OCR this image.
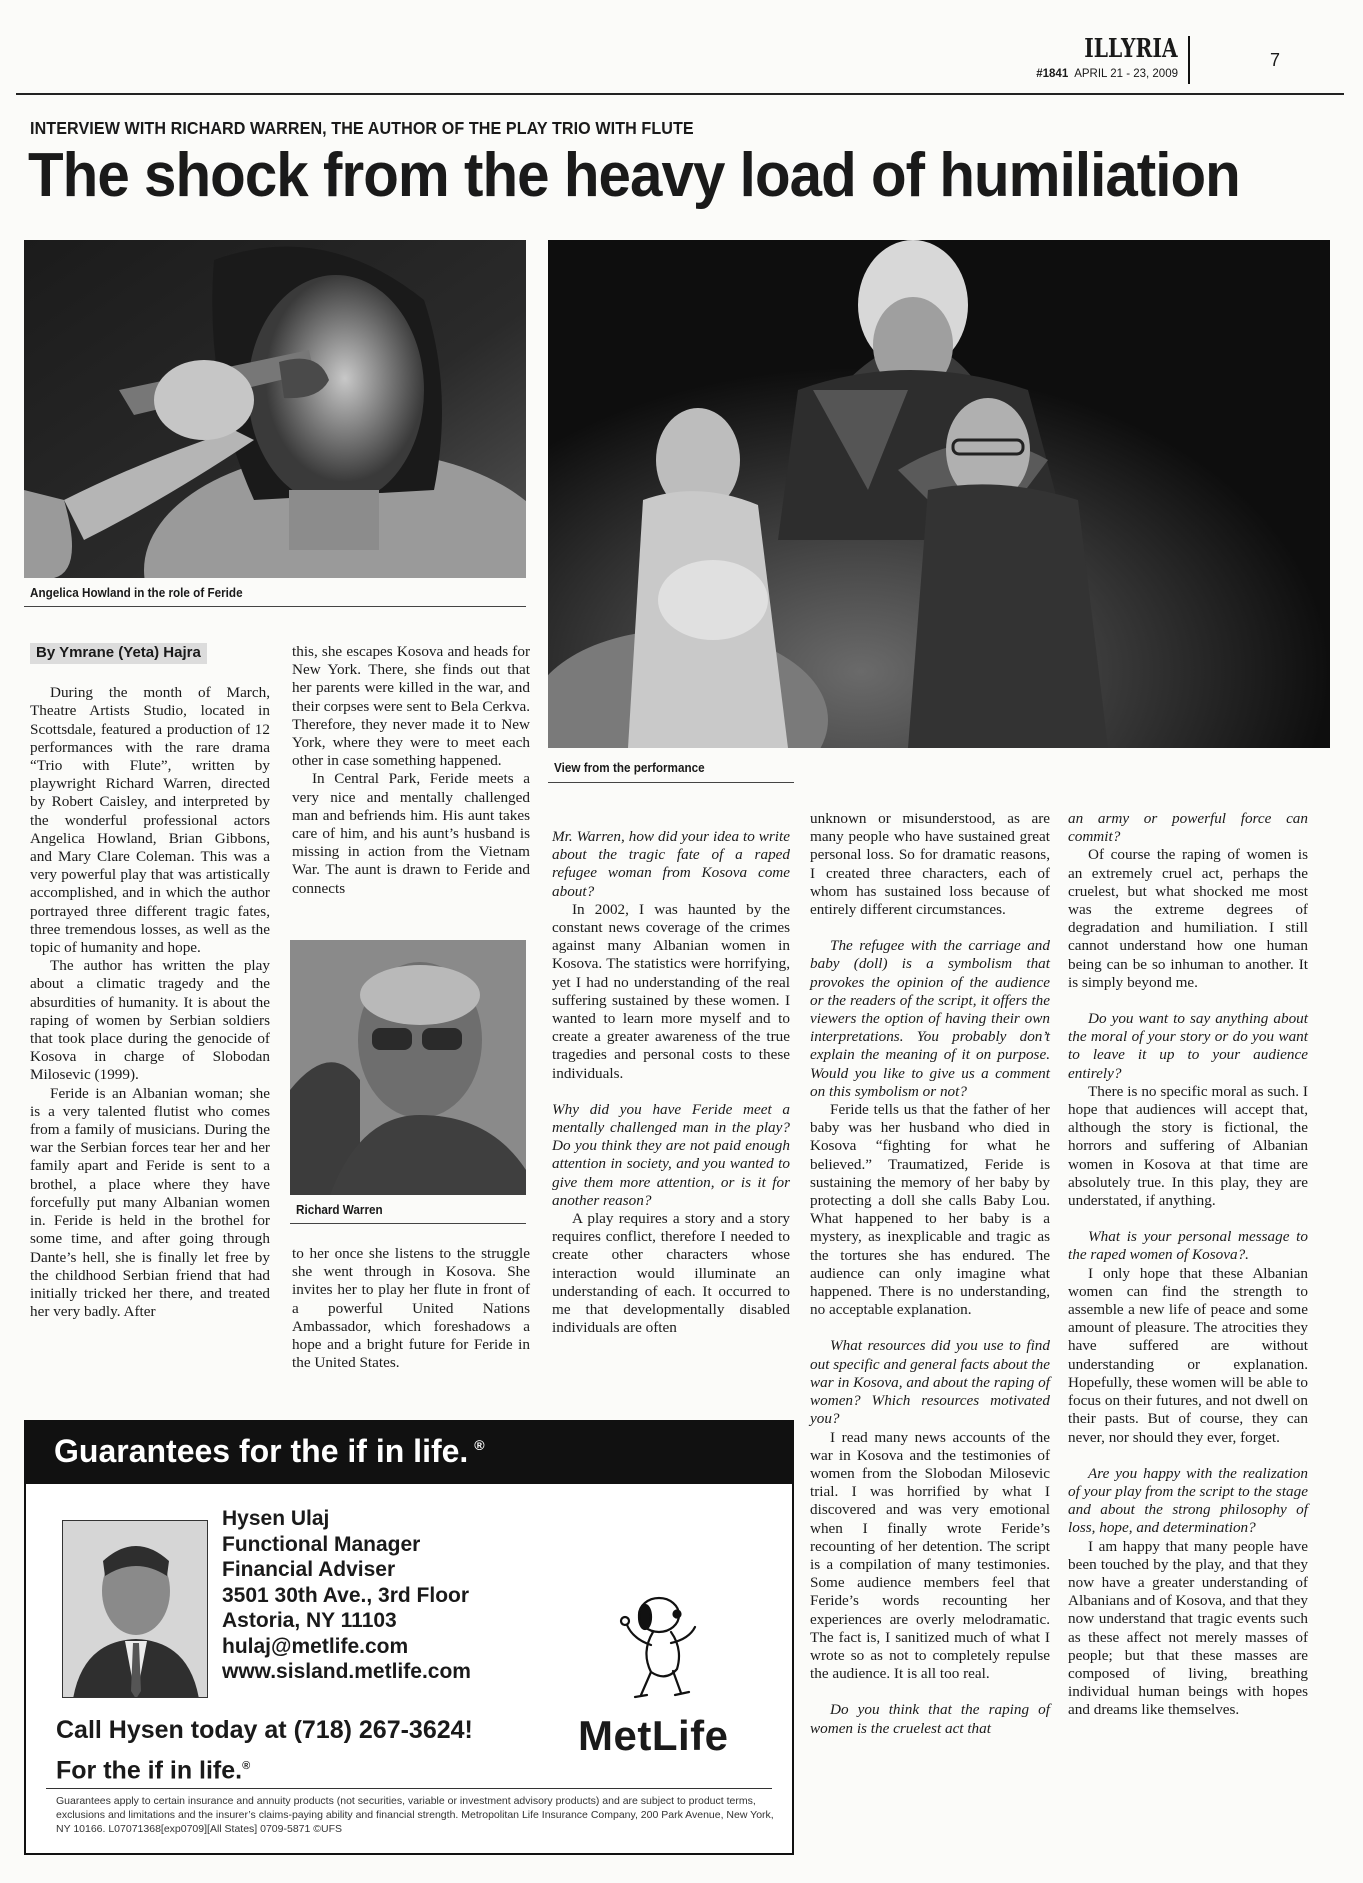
ILLYRIA
#1841 APRIL 21 - 23, 2009
7
INTERVIEW WITH RICHARD WARREN, THE AUTHOR OF THE PLAY TRIO WITH FLUTE
The shock from the heavy load of humiliation
Angelica Howland in the role of Feride
View from the performance
Richard Warren
By Ymrane (Yeta) Hajra

During the month of March, Theatre Artists Studio, located in Scottsdale, featured a production of 12 performances with the rare drama “Trio with Flute”, written by playwright Richard Warren, directed by Robert Caisley, and interpreted by the wonderful professional actors Angelica Howland, Brian Gibbons, and Mary Clare Coleman. This was a very powerful play that was artistically accomplished, and in which the author portrayed three different tragic fates, three tremendous losses, as well as the topic of humanity and hope.

The author has written the play about a climatic tragedy and the absurdities of humanity. It is about the raping of women by Serbian soldiers that took place during the genocide of Kosova in charge of Slobodan Milosevic (1999).

Feride is an Albanian woman; she is a very talented flutist who comes from a family of musicians. During the war the Serbian forces tear her and her family apart and Feride is sent to a brothel, a place where they have forcefully put many Albanian women in. Feride is held in the brothel for some time, and after going through Dante’s hell, she is finally let free by the childhood Serbian friend that had initially tricked her there, and treated her very badly. After

this, she escapes Kosova and heads for New York. There, she finds out that her parents were killed in the war, and their corpses were sent to Bela Cerkva. Therefore, they never made it to New York, where they were to meet each other in case something happened.

In Central Park, Feride meets a very nice and mentally challenged man and befriends him. His aunt takes care of him, and his aunt’s husband is missing in action from the Vietnam War. The aunt is drawn to Feride and connects

to her once she listens to the struggle she went through in Kosova. She invites her to play her flute in front of a powerful United Nations Ambassador, which foreshadows a hope and a bright future for Feride in the United States.

Mr. Warren, how did your idea to write about the tragic fate of a raped refugee woman from Kosova come about?

In 2002, I was haunted by the constant news coverage of the crimes against many Albanian women in Kosova. The statistics were horrifying, yet I had no understanding of the real suffering sustained by these women. I wanted to learn more myself and to create a greater awareness of the true tragedies and personal costs to these individuals.

Why did you have Feride meet a mentally challenged man in the play? Do you think they are not paid enough attention in society, and you wanted to give them more attention, or is it for another reason?

A play requires a story and a story requires conflict, therefore I needed to create other characters whose interaction would illuminate an understanding of each. It occurred to me that developmentally disabled individuals are often

unknown or misunderstood, as are many people who have sustained great personal loss. So for dramatic reasons, I created three characters, each of whom has sustained loss because of entirely different circumstances.

The refugee with the carriage and baby (doll) is a symbolism that provokes the opinion of the audience or the readers of the script, it offers the viewers the option of having their own interpretations. You probably don’t explain the meaning of it on purpose. Would you like to give us a comment on this symbolism or not?

Feride tells us that the father of her baby was her husband who died in Kosova “fighting for what he believed.” Traumatized, Feride is sustaining the memory of her baby by protecting a doll she calls Baby Lou. What happened to her baby is a mystery, as inexplicable and tragic as the tortures she has endured. The audience can only imagine what happened. There is no understanding, no acceptable explanation.

What resources did you use to find out specific and general facts about the war in Kosova, and about the raping of women? Which resources motivated you?

I read many news accounts of the war in Kosova and the testimonies of women from the Slobodan Milosevic trial. I was horrified by what I discovered and was very emotional when I finally wrote Feride’s recounting of her detention. The script is a compilation of many testimonies. Some audience members feel that Feride’s words recounting her experiences are overly melodramatic. The fact is, I sanitized much of what I wrote so as not to completely repulse the audience. It is all too real.

Do you think that the raping of women is the cruelest act that

an army or powerful force can commit?

Of course the raping of women is an extremely cruel act, perhaps the cruelest, but what shocked me most was the extreme degrees of degradation and humiliation. I still cannot understand how one human being can be so inhuman to another. It is simply beyond me.

Do you want to say anything about the moral of your story or do you want to leave it up to your audience entirely?

There is no specific moral as such. I hope that audiences will accept that, although the story is fictional, the horrors and suffering of Albanian women in Kosova at that time are absolutely true. In this play, they are understated, if anything.

What is your personal message to the raped women of Kosova?.

I only hope that these Albanian women can find the strength to assemble a new life of peace and some amount of pleasure. The atrocities they have suffered are without understanding or explanation. Hopefully, these women will be able to focus on their futures, and not dwell on their pasts. But of course, they can never, nor should they ever, forget.

Are you happy with the realization of your play from the script to the stage and about the strong philosophy of loss, hope, and determination?

I am happy that many people have been touched by the play, and that they now have a greater understanding of Albanians and of Kosova, and that they now understand that tragic events such as these affect not merely masses of people; but that these masses are composed of living, breathing individual human beings with hopes and dreams like themselves.

Guarantees for the if in life. ®
Hysen Ulaj
Functional Manager
Financial Adviser
3501 30th Ave., 3rd Floor
Astoria, NY 11103
hulaj@metlife.com
www.sisland.metlife.com
Call Hysen today at (718) 267-3624!
For the if in life.®
MetLife
Guarantees apply to certain insurance and annuity products (not securities, variable or investment advisory products) and are subject to product terms, exclusions and limitations and the insurer’s claims-paying ability and financial strength. Metropolitan Life Insurance Company, 200 Park Avenue, New York, NY 10166. L07071368[exp0709][All States] 0709-5871 ©UFS
